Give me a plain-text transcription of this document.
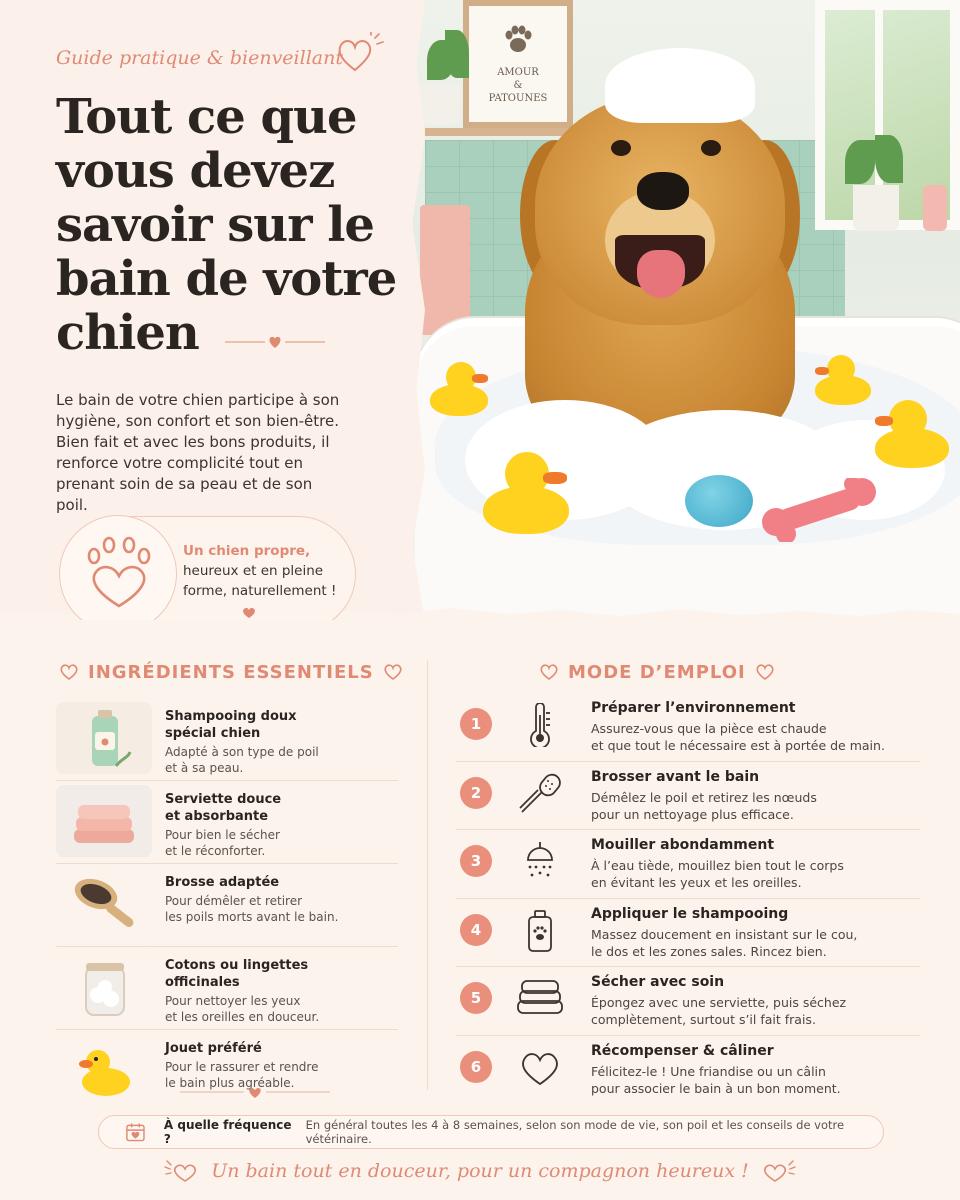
AMOUR
&
PATOUNES
Guide pratique & bienveillant
Tout ce que vous devez savoir sur le bain de votre chien
Le bain de votre chien participe à son hygiène, son confort et son bien-être. Bien fait et avec les bons produits, il renforce votre complicité tout en prenant soin de sa peau et de son poil.
Un chien propre,
heureux et en pleine forme, naturellement !
INGRÉDIENTS ESSENTIELS
Shampooing doux
spécial chien
Adapté à son type de poil
et à sa peau.
Serviette douce
et absorbante
Pour bien le sécher
et le réconforter.
Brosse adaptée
Pour démêler et retirer
les poils morts avant le bain.
Cotons ou lingettes
officinales
Pour nettoyer les yeux
et les oreilles en douceur.
Jouet préféré
Pour le rassurer et rendre
le bain plus agréable.
MODE D’EMPLOI
1
Préparer l’environnement
Assurez-vous que la pièce est chaude
et que tout le nécessaire est à portée de main.
2
Brosser avant le bain
Démêlez le poil et retirez les nœuds
pour un nettoyage plus efficace.
3
Mouiller abondamment
À l’eau tiède, mouillez bien tout le corps
en évitant les yeux et les oreilles.
4
Appliquer le shampooing
Massez doucement en insistant sur le cou,
le dos et les zones sales. Rincez bien.
5
Sécher avec soin
Épongez avec une serviette, puis séchez
complètement, surtout s’il fait frais.
6
Récompenser & câliner
Félicitez-le ! Une friandise ou un câlin
pour associer le bain à un bon moment.
À quelle fréquence ?
En général toutes les 4 à 8 semaines, selon son mode de vie, son poil et les conseils de votre vétérinaire.
Un bain tout en douceur, pour un compagnon heureux !
